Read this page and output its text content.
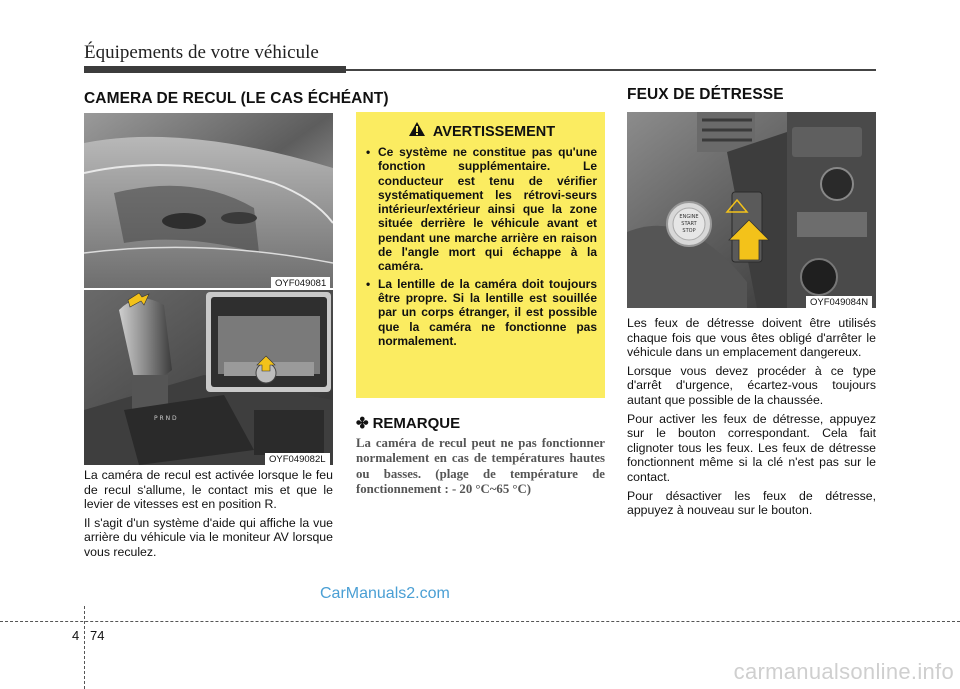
Équipements de votre véhicule
CAMERA DE RECUL (LE CAS ÉCHÉANT)
OYF049081
P R N D
OYF049082L

La caméra de recul est activée lorsque le feu de recul s'allume, le contact mis et que le levier de vitesses est en position R.

Il s'agit d'un système d'aide qui affiche la vue arrière du véhicule via le moniteur AV lorsque vous reculez.

AVERTISSEMENT
• Ce système ne constitue pas qu'une fonction supplémentaire. Le conducteur est tenu de vérifier systématiquement les rétrovi-seurs intérieur/extérieur ainsi que la zone située derrière le véhicule avant et pendant une marche arrière en raison de l'angle mort qui échappe à la caméra.
• La lentille de la caméra doit toujours être propre. Si la lentille est souillée par un corps étranger, il est possible que la caméra ne fonctionne pas normalement.
✤ REMARQUE
La caméra de recul peut ne pas fonctionner normalement en cas de températures hautes ou basses. (plage de température de fonctionnement : - 20 °C~65 °C)
FEUX DE DÉTRESSE
ENGINE
START
STOP
OYF049084N

Les feux de détresse doivent être utilisés chaque fois que vous êtes obligé d'arrêter le véhicule dans un emplacement dangereux.

Lorsque vous devez procéder à ce type d'arrêt d'urgence, écartez-vous toujours autant que possible de la chaussée.

Pour activer les feux de détresse, appuyez sur le bouton correspondant. Cela fait clignoter tous les feux. Les feux de détresse fonctionnent même si la clé n'est pas sur le contact.

Pour désactiver les feux de détresse, appuyez à nouveau sur le bouton.

CarManuals2.com
carmanualsonline.info
4 74
